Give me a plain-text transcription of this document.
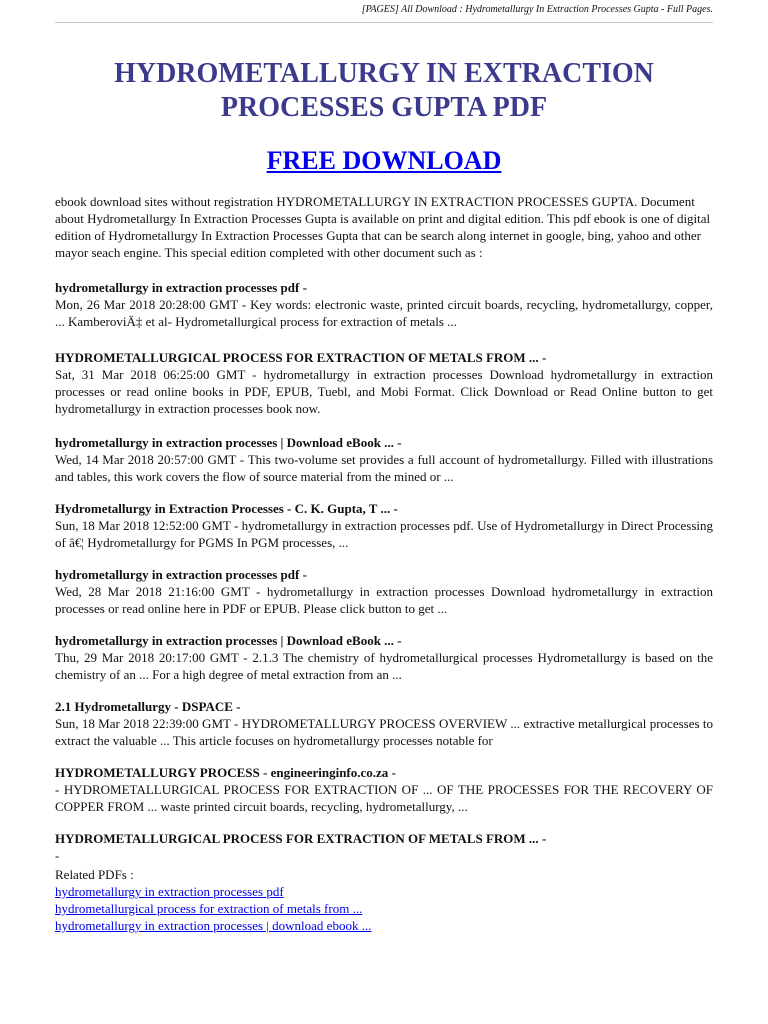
[PAGES] All Download : Hydrometallurgy In Extraction Processes Gupta - Full Pages.
HYDROMETALLURGY IN EXTRACTION
PROCESSES GUPTA PDF
FREE DOWNLOAD

ebook download sites without registration HYDROMETALLURGY IN EXTRACTION PROCESSES GUPTA. Document about Hydrometallurgy In Extraction Processes Gupta is available on print and digital edition. This pdf ebook is one of digital edition of Hydrometallurgy In Extraction Processes Gupta that can be search along internet in google, bing, yahoo and other mayor seach engine. This special edition completed with other document such as :

hydrometallurgy in extraction processes pdf -
Mon, 26 Mar 2018 20:28:00 GMT - Key words: electronic waste, printed circuit boards, recycling, hydrometallurgy, copper, ... KamberoviÄ‡ et al- Hydrometallurgical process for extraction of metals ...
HYDROMETALLURGICAL PROCESS FOR EXTRACTION OF METALS FROM ... -
Sat, 31 Mar 2018 06:25:00 GMT - hydrometallurgy in extraction processes Download hydrometallurgy in extraction processes or read online books in PDF, EPUB, Tuebl, and Mobi Format. Click Download or Read Online button to get hydrometallurgy in extraction processes book now.
hydrometallurgy in extraction processes | Download eBook ... -
Wed, 14 Mar 2018 20:57:00 GMT - This two-volume set provides a full account of hydrometallurgy. Filled with illustrations and tables, this work covers the flow of source material from the mined or ...
Hydrometallurgy in Extraction Processes - C. K. Gupta, T ... -
Sun, 18 Mar 2018 12:52:00 GMT - hydrometallurgy in extraction processes pdf. Use of Hydrometallurgy in Direct Processing of â€¦ Hydrometallurgy for PGMS In PGM processes, ...
hydrometallurgy in extraction processes pdf -
Wed, 28 Mar 2018 21:16:00 GMT - hydrometallurgy in extraction processes Download hydrometallurgy in extraction processes or read online here in PDF or EPUB. Please click button to get ...
hydrometallurgy in extraction processes | Download eBook ... -
Thu, 29 Mar 2018 20:17:00 GMT - 2.1.3 The chemistry of hydrometallurgical processes Hydrometallurgy is based on the chemistry of an ... For a high degree of metal extraction from an ...
2.1 Hydrometallurgy - DSPACE -
Sun, 18 Mar 2018 22:39:00 GMT - HYDROMETALLURGY PROCESS OVERVIEW ... extractive metallurgical processes to extract the valuable ... This article focuses on hydrometallurgy processes notable for
HYDROMETALLURGY PROCESS - engineeringinfo.co.za -
- HYDROMETALLURGICAL PROCESS FOR EXTRACTION OF ... OF THE PROCESSES FOR THE RECOVERY OF COPPER FROM ... waste printed circuit boards, recycling, hydrometallurgy, ...
HYDROMETALLURGICAL PROCESS FOR EXTRACTION OF METALS FROM ... -
-
Related PDFs :
hydrometallurgy in extraction processes pdf
hydrometallurgical process for extraction of metals from ...
hydrometallurgy in extraction processes | download ebook ...
